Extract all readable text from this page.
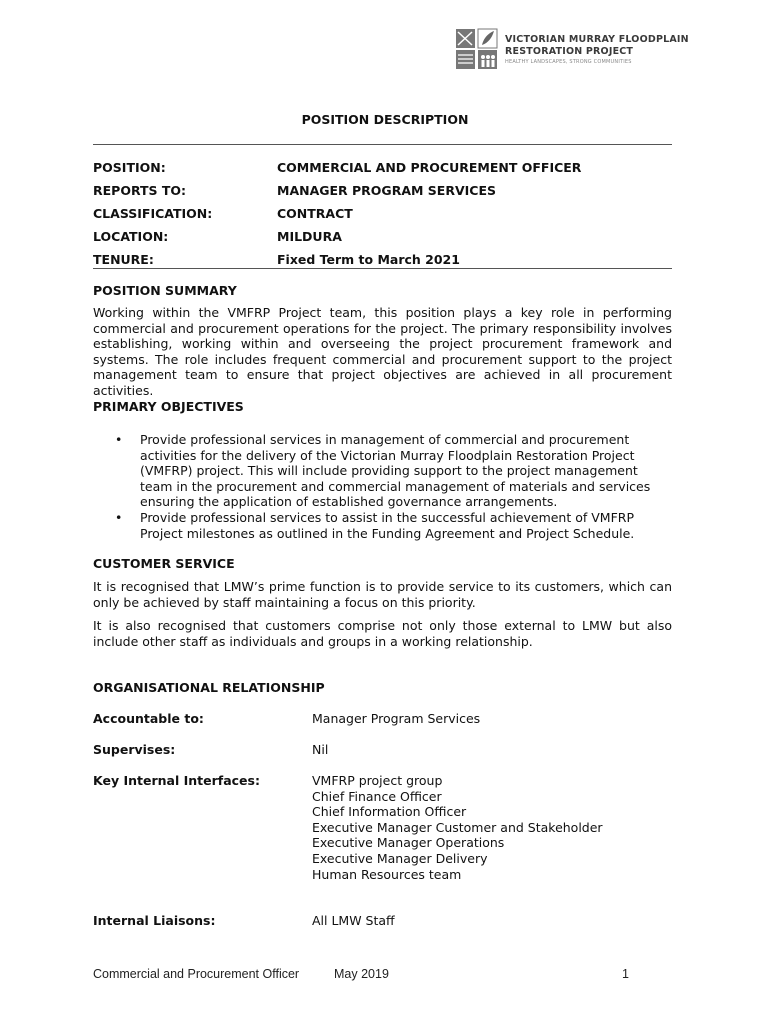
VICTORIAN MURRAY FLOODPLAIN
RESTORATION PROJECT
HEALTHY LANDSCAPES, STRONG COMMUNITIES
POSITION DESCRIPTION
POSITION:	COMMERCIAL AND PROCUREMENT OFFICER
REPORTS TO:	MANAGER PROGRAM SERVICES
CLASSIFICATION:	CONTRACT
LOCATION:	MILDURA
TENURE:	Fixed Term to March 2021
POSITION SUMMARY

Working within the VMFRP Project team, this position plays a key role in performing commercial and procurement operations for the project. The primary responsibility involves establishing, working within and overseeing the project procurement framework and systems. The role includes frequent commercial and procurement support to the project management team to ensure that project objectives are achieved in all procurement activities.

PRIMARY OBJECTIVES
• Provide professional services in management of commercial and procurement activities for the delivery of the Victorian Murray Floodplain Restoration Project (VMFRP) project. This will include providing support to the project management team in the procurement and commercial management of materials and services ensuring the application of established governance arrangements.
• Provide professional services to assist in the successful achievement of VMFRP Project milestones as outlined in the Funding Agreement and Project Schedule.
CUSTOMER SERVICE

It is recognised that LMW’s prime function is to provide service to its customers, which can only be achieved by staff maintaining a focus on this priority.

It is also recognised that customers comprise not only those external to LMW but also include other staff as individuals and groups in a working relationship.

ORGANISATIONAL RELATIONSHIP
Accountable to:	Manager Program Services
Supervises:	Nil
Key Internal Interfaces:	VMFRP project group
Chief Finance Officer
Chief Information Officer
Executive Manager Customer and Stakeholder
Executive Manager Operations
Executive Manager Delivery
Human Resources team
Internal Liaisons:	All LMW Staff
Commercial and Procurement Officer	May 2019	1
